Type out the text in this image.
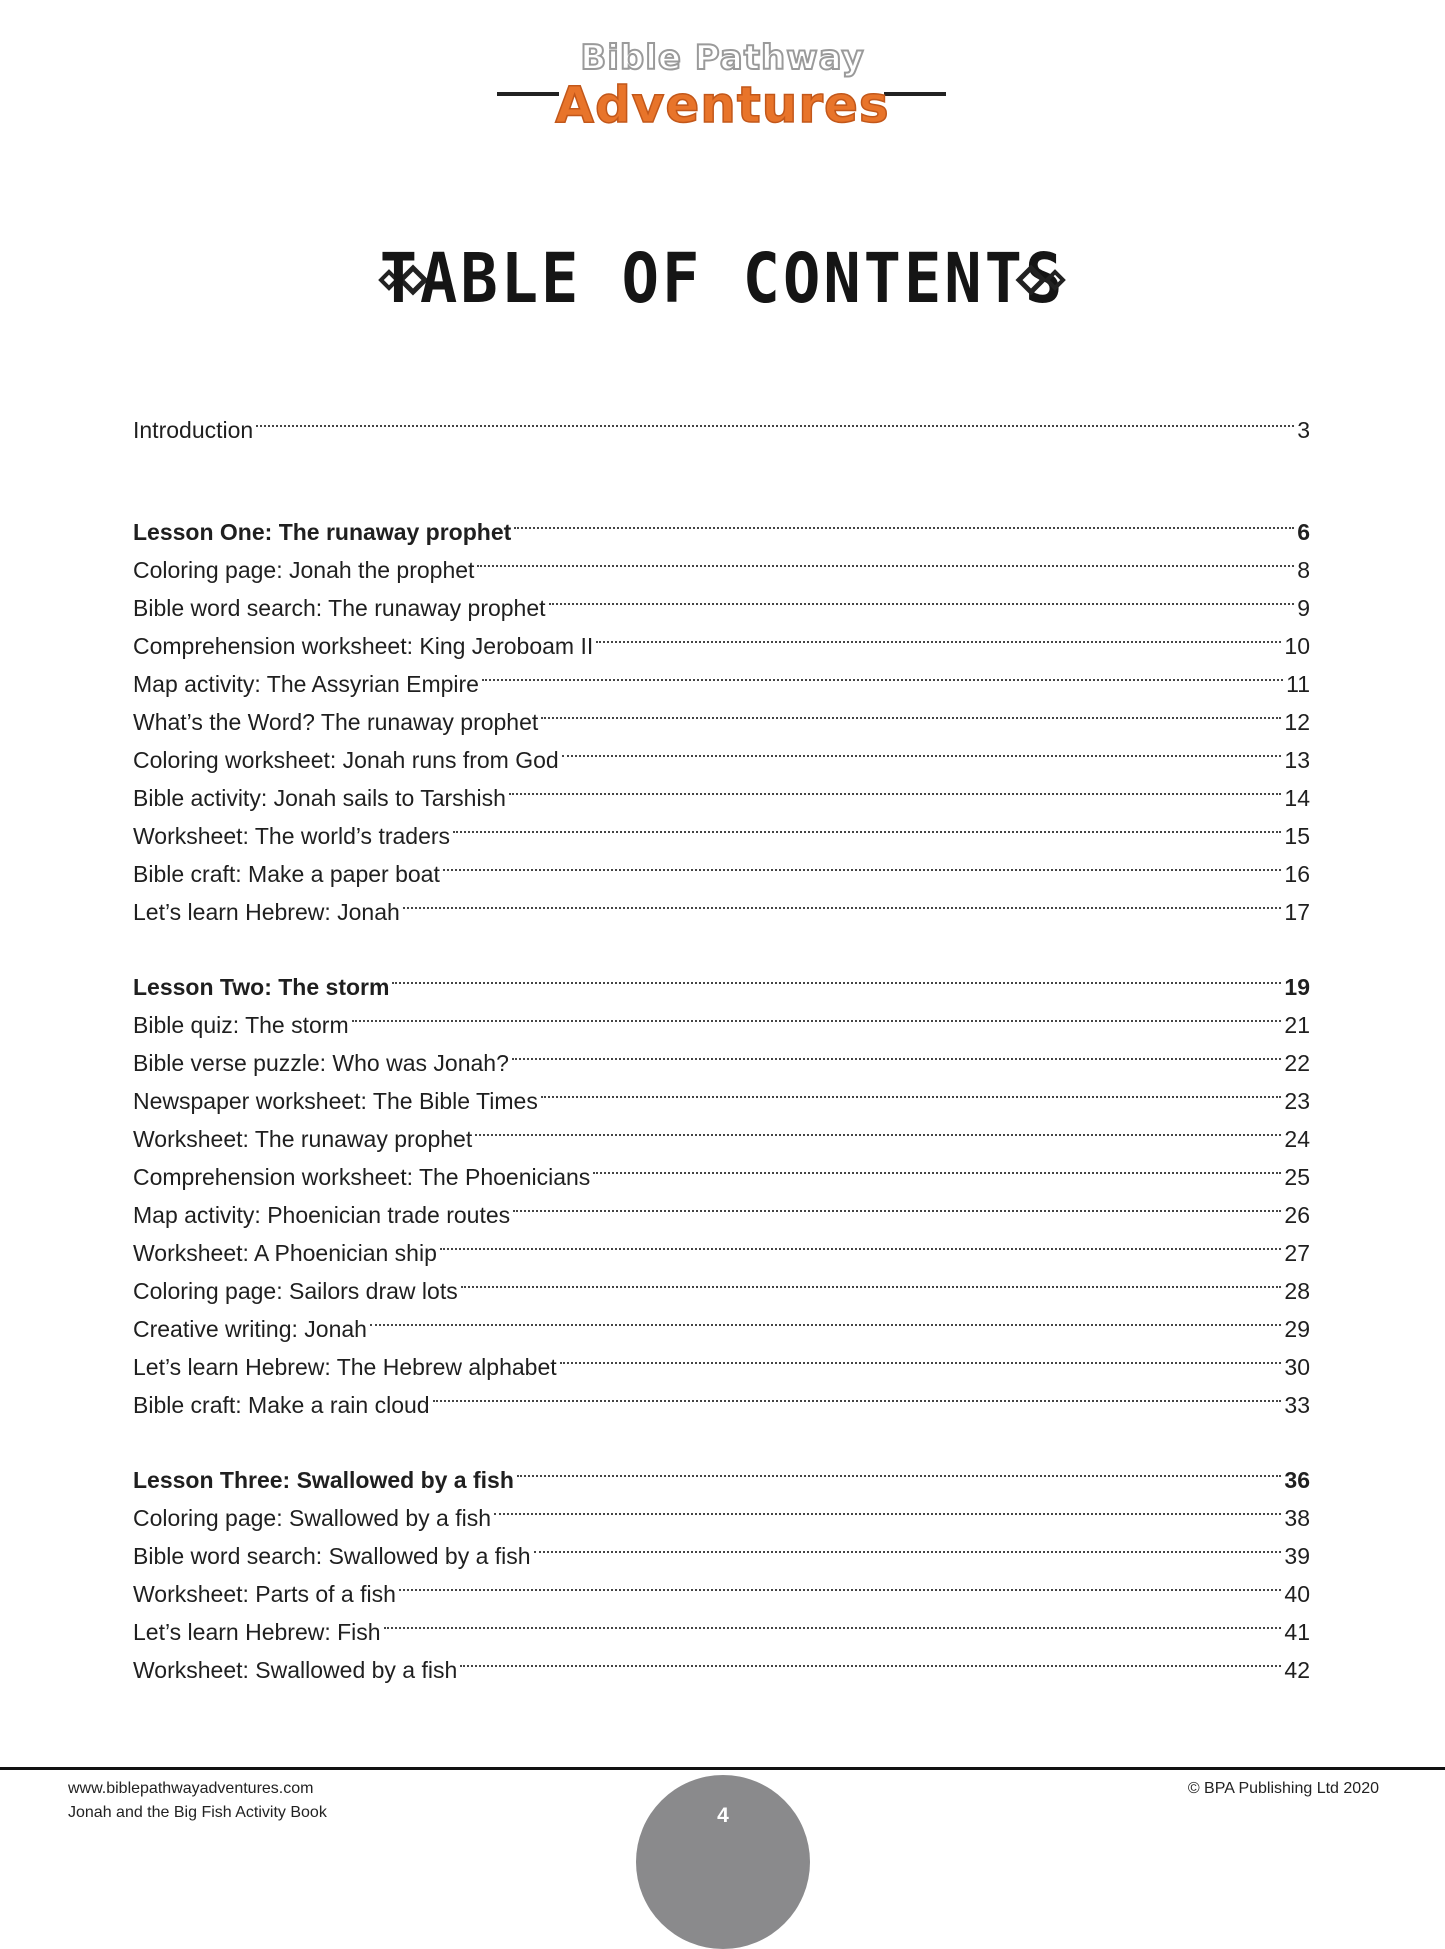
Bible Pathway
Adventures
TABLE OF CONTENTS
Introduction	3
Lesson One: The runaway prophet	6
Coloring page: Jonah the prophet	8
Bible word search: The runaway prophet	9
Comprehension worksheet: King Jeroboam II	10
Map activity: The Assyrian Empire	11
What’s the Word? The runaway prophet	12
Coloring worksheet: Jonah runs from God	13
Bible activity: Jonah sails to Tarshish	14
Worksheet: The world’s traders	15
Bible craft: Make a paper boat	16
Let’s learn Hebrew: Jonah	17
Lesson Two: The storm	19
Bible quiz: The storm	21
Bible verse puzzle: Who was Jonah?	22
Newspaper worksheet: The Bible Times	23
Worksheet: The runaway prophet	24
Comprehension worksheet: The Phoenicians	25
Map activity: Phoenician trade routes	26
Worksheet: A Phoenician ship	27
Coloring page: Sailors draw lots	28
Creative writing: Jonah	29
Let’s learn Hebrew: The Hebrew alphabet	30
Bible craft: Make a rain cloud	33
Lesson Three: Swallowed by a fish	36
Coloring page: Swallowed by a fish	38
Bible word search: Swallowed by a fish	39
Worksheet: Parts of a fish	40
Let’s learn Hebrew: Fish	41
Worksheet: Swallowed by a fish	42
www.biblepathwayadventures.com
Jonah and the Big Fish Activity Book
© BPA Publishing Ltd 2020
4
